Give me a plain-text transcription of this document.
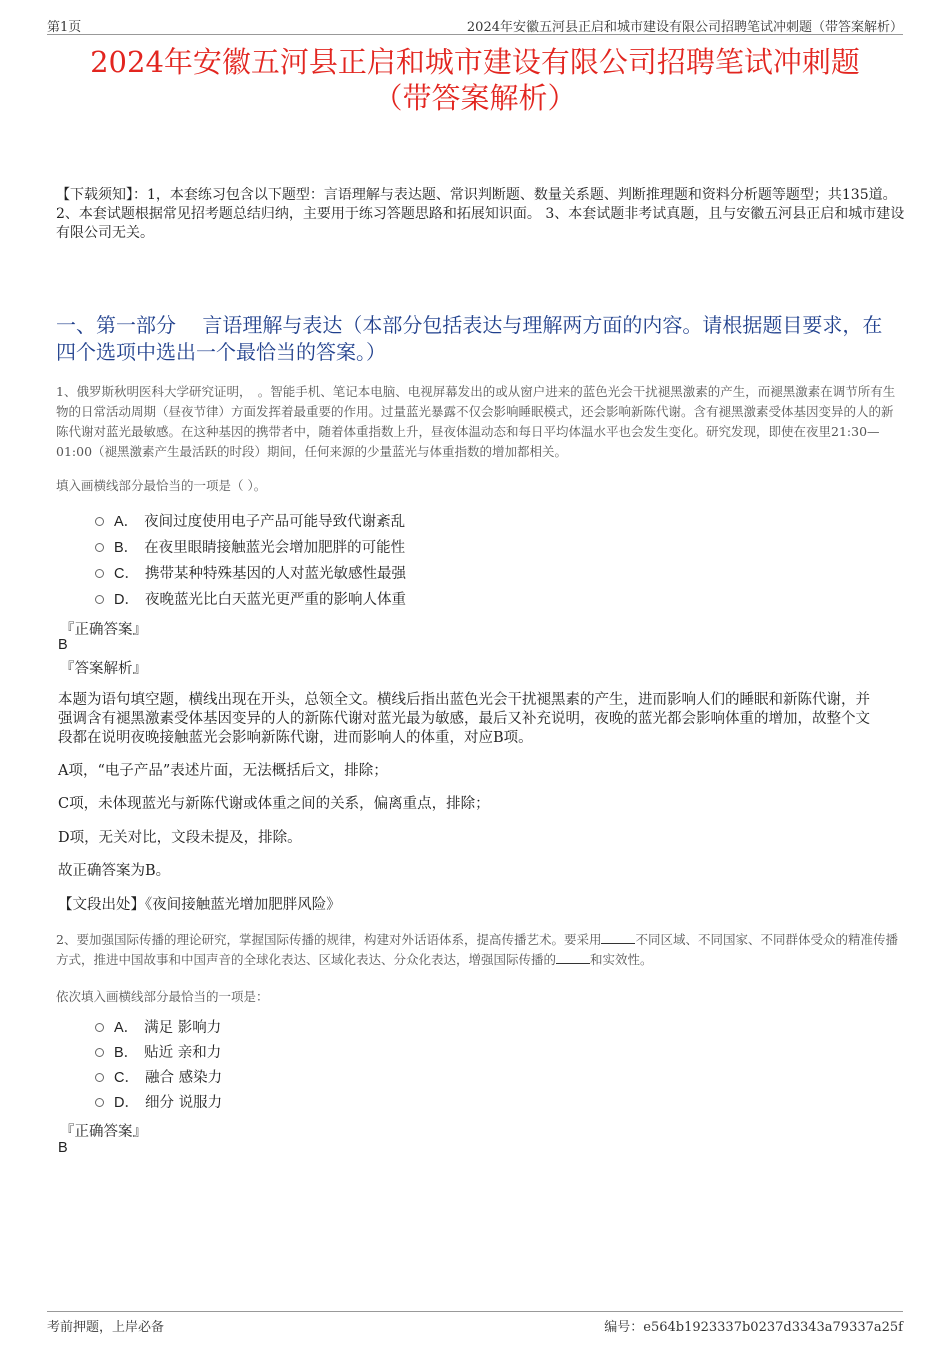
第1页	2024年安徽五河县正启和城市建设有限公司招聘笔试冲刺题（带答案解析）
2024年安徽五河县正启和城市建设有限公司招聘笔试冲刺题
（带答案解析）
【下载须知】：1，本套练习包含以下题型：言语理解与表达题、常识判断题、数量关系题、判断推理题和资料分析题等题型；共135道。 2、本套试题根据常见招考题总结归纳，主要用于练习答题思路和拓展知识面。 3、本套试题非考试真题，且与安徽五河县正启和城市建设有限公司无关。
一、第一部分　 言语理解与表达（本部分包括表达与理解两方面的内容。请根据题目要求，在四个选项中选出一个最恰当的答案。）
1、俄罗斯秋明医科大学研究证明，　。智能手机、笔记本电脑、电视屏幕发出的或从窗户进来的蓝色光会干扰褪黑激素的产生，而褪黑激素在调节所有生物的日常活动周期（昼夜节律）方面发挥着最重要的作用。过量蓝光暴露不仅会影响睡眠模式，还会影响新陈代谢。含有褪黑激素受体基因变异的人的新陈代谢对蓝光最敏感。在这种基因的携带者中，随着体重指数上升，昼夜体温动态和每日平均体温水平也会发生变化。研究发现，即使在夜里21:30—01:00（褪黑激素产生最活跃的时段）期间，任何来源的少量蓝光与体重指数的增加都相关。
填入画横线部分最恰当的一项是（ ）。
A． 夜间过度使用电子产品可能导致代谢紊乱
B． 在夜里眼睛接触蓝光会增加肥胖的可能性
C． 携带某种特殊基因的人对蓝光敏感性最强
D． 夜晚蓝光比白天蓝光更严重的影响人体重
『正确答案』
B
『答案解析』
本题为语句填空题，横线出现在开头，总领全文。横线后指出蓝色光会干扰褪黑素的产生，进而影响人们的睡眠和新陈代谢，并强调含有褪黑激素受体基因变异的人的新陈代谢对蓝光最为敏感，最后又补充说明，夜晚的蓝光都会影响体重的增加，故整个文段都在说明夜晚接触蓝光会影响新陈代谢，进而影响人的体重，对应B项。
A项，“电子产品”表述片面，无法概括后文，排除；
C项，未体现蓝光与新陈代谢或体重之间的关系，偏离重点，排除；
D项，无关对比，文段未提及，排除。
故正确答案为B。
【文段出处】《夜间接触蓝光增加肥胖风险》
2、要加强国际传播的理论研究，掌握国际传播的规律，构建对外话语体系，提高传播艺术。要采用	不同区域、不同国家、不同群体受众的精准传播方式，推进中国故事和中国声音的全球化表达、区域化表达、分众化表达，增强国际传播的	和实效性。
依次填入画横线部分最恰当的一项是：
A． 满足 影响力
B． 贴近 亲和力
C． 融合 感染力
D． 细分 说服力
『正确答案』
B
考前押题，上岸必备	编号：e564b1923337b0237d3343a79337a25f
